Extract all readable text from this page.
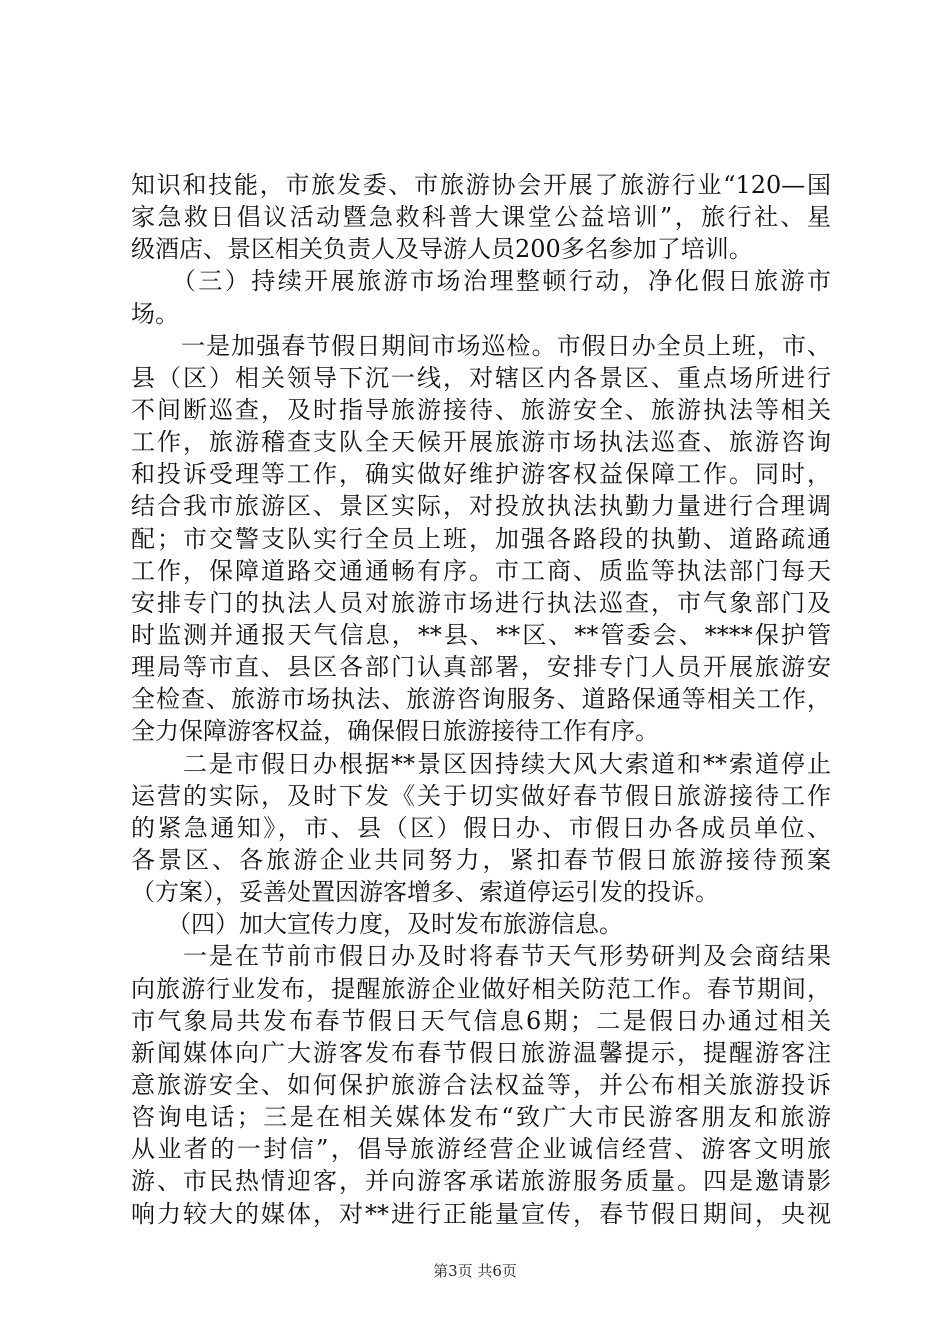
知识和技能，市旅发委、市旅游协会开展了旅游行业“120—国
家急救日倡议活动暨急救科普大课堂公益培训”，旅行社、星
级酒店、景区相关负责人及导游人员200多名参加了培训。
　　（三）持续开展旅游市场治理整顿行动，净化假日旅游市
场。
　　一是加强春节假日期间市场巡检。市假日办全员上班，市、
县（区）相关领导下沉一线，对辖区内各景区、重点场所进行
不间断巡查，及时指导旅游接待、旅游安全、旅游执法等相关
工作，旅游稽查支队全天候开展旅游市场执法巡查、旅游咨询
和投诉受理等工作，确实做好维护游客权益保障工作。同时，
结合我市旅游区、景区实际，对投放执法执勤力量进行合理调
配；市交警支队实行全员上班，加强各路段的执勤、道路疏通
工作，保障道路交通通畅有序。市工商、质监等执法部门每天
安排专门的执法人员对旅游市场进行执法巡查，市气象部门及
时监测并通报天气信息，**县、**区、**管委会、****保护管
理局等市直、县区各部门认真部署，安排专门人员开展旅游安
全检查、旅游市场执法、旅游咨询服务、道路保通等相关工作，
全力保障游客权益，确保假日旅游接待工作有序。
　　二是市假日办根据**景区因持续大风大索道和**索道停止
运营的实际，及时下发《关于切实做好春节假日旅游接待工作
的紧急通知》，市、县（区）假日办、市假日办各成员单位、
各景区、各旅游企业共同努力，紧扣春节假日旅游接待预案
（方案），妥善处置因游客增多、索道停运引发的投诉。
　　（四）加大宣传力度，及时发布旅游信息。
　　一是在节前市假日办及时将春节天气形势研判及会商结果
向旅游行业发布，提醒旅游企业做好相关防范工作。春节期间，
市气象局共发布春节假日天气信息6期；二是假日办通过相关
新闻媒体向广大游客发布春节假日旅游温馨提示，提醒游客注
意旅游安全、如何保护旅游合法权益等，并公布相关旅游投诉
咨询电话；三是在相关媒体发布“致广大市民游客朋友和旅游
从业者的一封信”，倡导旅游经营企业诚信经营、游客文明旅
游、市民热情迎客，并向游客承诺旅游服务质量。四是邀请影
响力较大的媒体，对**进行正能量宣传，春节假日期间，央视
第3页 共6页
